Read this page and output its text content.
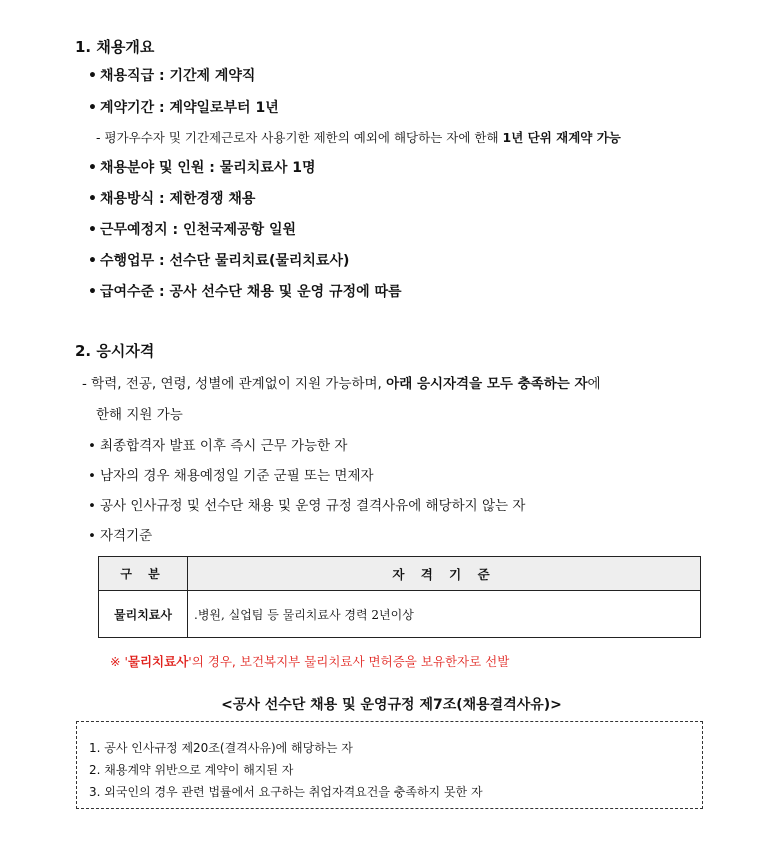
1. 채용개요
• 채용직급 : 기간제 계약직
• 계약기간 : 계약일로부터 1년
- 평가우수자 및 기간제근로자 사용기한 제한의 예외에 해당하는 자에 한해 1년 단위 재계약 가능
• 채용분야 및 인원 : 물리치료사 1명
• 채용방식 : 제한경쟁 채용
• 근무예정지 : 인천국제공항 일원
• 수행업무 : 선수단 물리치료(물리치료사)
• 급여수준 : 공사 선수단 채용 및 운영 규정에 따름
2. 응시자격
- 학력, 전공, 연령, 성별에 관계없이 지원 가능하며, 아래 응시자격을 모두 충족하는 자에
한해 지원 가능
• 최종합격자 발표 이후 즉시 근무 가능한 자
• 남자의 경우 채용예정일 기준 군필 또는 면제자
• 공사 인사규정 및 선수단 채용 및 운영 규정 결격사유에 해당하지 않는 자
• 자격기준
구 분	자 격 기 준
물리치료사	.병원, 실업팀 등 물리치료사 경력 2년이상
※ '물리치료사'의 경우, 보건복지부 물리치료사 면허증을 보유한자로 선발
<공사 선수단 채용 및 운영규정 제7조(채용결격사유)>
1. 공사 인사규정 제20조(결격사유)에 해당하는 자
2. 채용계약 위반으로 계약이 해지된 자
3. 외국인의 경우 관련 법률에서 요구하는 취업자격요건을 충족하지 못한 자
